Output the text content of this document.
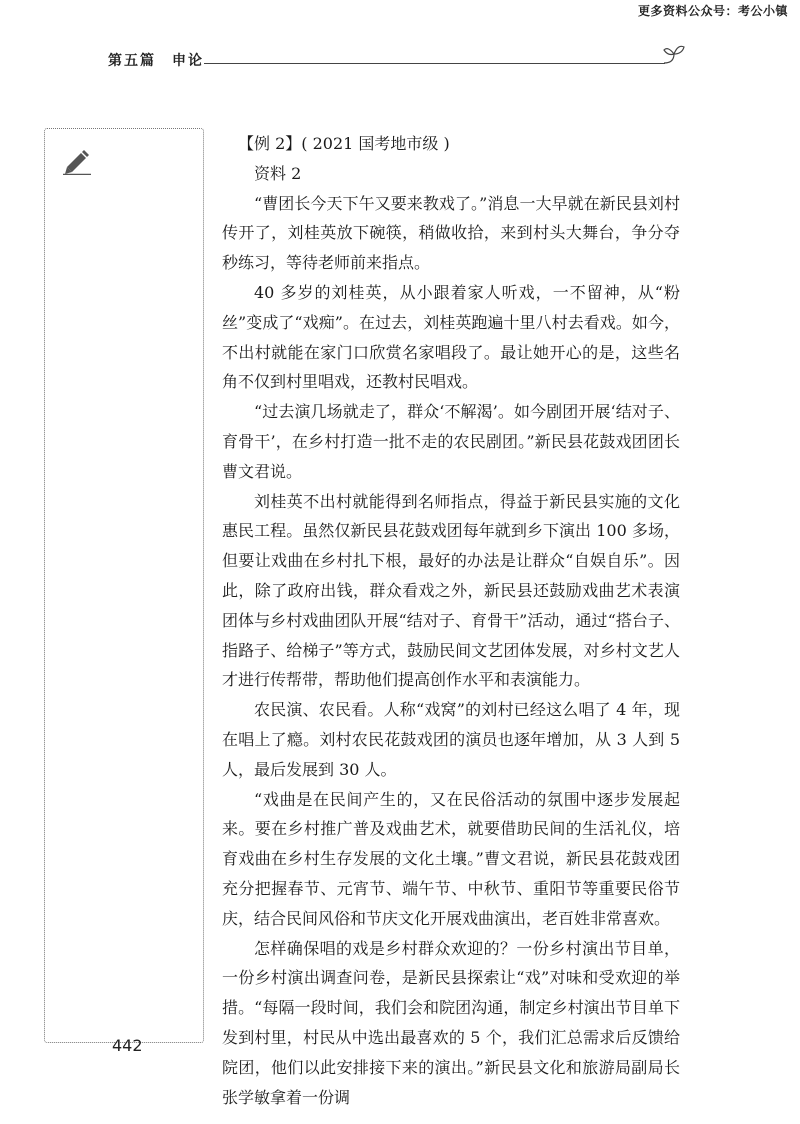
更多资料公众号：考公小镇
第五篇　申论

【例 2】( 2021 国考地市级 )

资料 2

“曹团长今天下午又要来教戏了。”消息一大早就在新民县刘村传开了，刘桂英放下碗筷，稍做收拾，来到村头大舞台，争分夺秒练习，等待老师前来指点。

40 多岁的刘桂英，从小跟着家人听戏，一不留神，从“粉丝”变成了“戏痴”。在过去，刘桂英跑遍十里八村去看戏。如今，不出村就能在家门口欣赏名家唱段了。最让她开心的是，这些名角不仅到村里唱戏，还教村民唱戏。

“过去演几场就走了，群众‘不解渴’。如今剧团开展‘结对子、育骨干’，在乡村打造一批不走的农民剧团。”新民县花鼓戏团团长曹文君说。

刘桂英不出村就能得到名师指点，得益于新民县实施的文化惠民工程。虽然仅新民县花鼓戏团每年就到乡下演出 100 多场，但要让戏曲在乡村扎下根，最好的办法是让群众“自娱自乐”。因此，除了政府出钱，群众看戏之外，新民县还鼓励戏曲艺术表演团体与乡村戏曲团队开展“结对子、育骨干”活动，通过“搭台子、指路子、给梯子”等方式，鼓励民间文艺团体发展，对乡村文艺人才进行传帮带，帮助他们提高创作水平和表演能力。

农民演、农民看。人称“戏窝”的刘村已经这么唱了 4 年，现在唱上了瘾。刘村农民花鼓戏团的演员也逐年增加，从 3 人到 5 人，最后发展到 30 人。

“戏曲是在民间产生的，又在民俗活动的氛围中逐步发展起来。要在乡村推广普及戏曲艺术，就要借助民间的生活礼仪，培育戏曲在乡村生存发展的文化土壤。”曹文君说，新民县花鼓戏团充分把握春节、元宵节、端午节、中秋节、重阳节等重要民俗节庆，结合民间风俗和节庆文化开展戏曲演出，老百姓非常喜欢。

怎样确保唱的戏是乡村群众欢迎的？一份乡村演出节目单，一份乡村演出调查问卷，是新民县探索让“戏”对味和受欢迎的举措。“每隔一段时间，我们会和院团沟通，制定乡村演出节目单下发到村里，村民从中选出最喜欢的 5 个，我们汇总需求后反馈给院团，他们以此安排接下来的演出。”新民县文化和旅游局副局长张学敏拿着一份调

442
